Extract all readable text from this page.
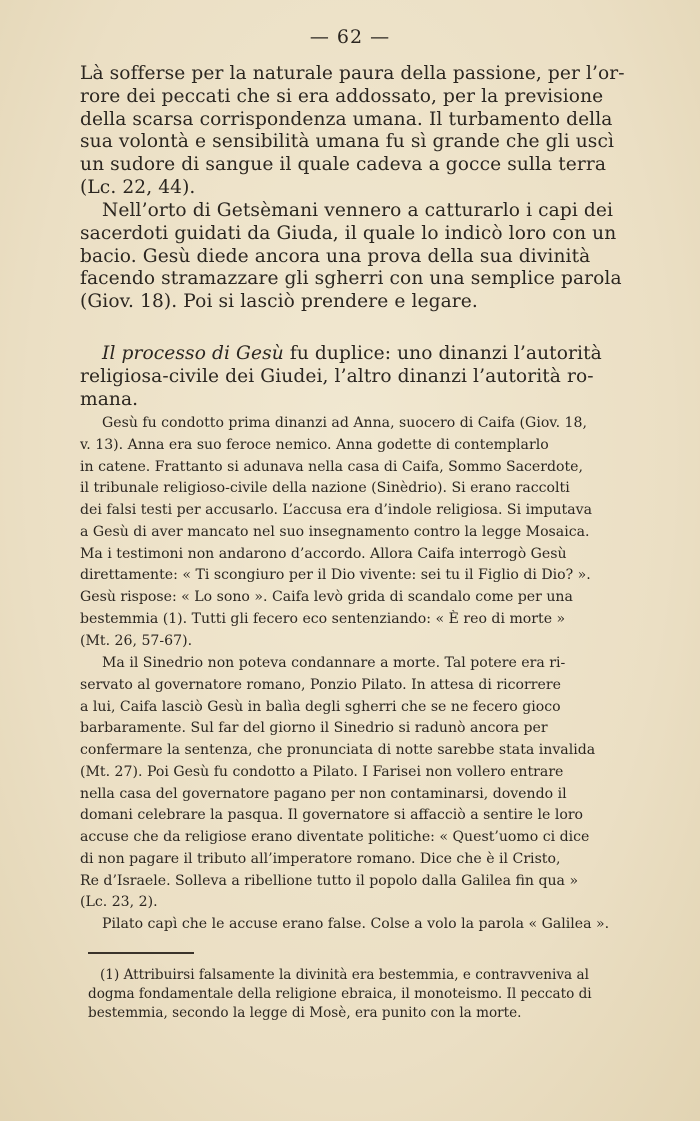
— 62 —
Là sofferse per la naturale paura della passione, per l’or-
rore dei peccati che si era addossato, per la previsione
della scarsa corrispondenza umana. Il turbamento della
sua volontà e sensibilità umana fu sì grande che gli uscì
un sudore di sangue il quale cadeva a gocce sulla terra
(Lc. 22, 44).
Nell’orto di Getsèmani vennero a catturarlo i capi dei
sacerdoti guidati da Giuda, il quale lo indicò loro con un
bacio. Gesù diede ancora una prova della sua divinità
facendo stramazzare gli sgherri con una semplice parola
(Giov. 18). Poi si lasciò prendere e legare.
Il processo di Gesù fu duplice: uno dinanzi l’autorità
religiosa-civile dei Giudei, l’altro dinanzi l’autorità ro-
mana.
Gesù fu condotto prima dinanzi ad Anna, suocero di Caifa (Giov. 18,
v. 13). Anna era suo feroce nemico. Anna godette di contemplarlo
in catene. Frattanto si adunava nella casa di Caifa, Sommo Sacerdote,
il tribunale religioso-civile della nazione (Sinèdrio). Si erano raccolti
dei falsi testi per accusarlo. L’accusa era d’indole religiosa. Si imputava
a Gesù di aver mancato nel suo insegnamento contro la legge Mosaica.
Ma i testimoni non andarono d’accordo. Allora Caifa interrogò Gesù
direttamente: « Ti scongiuro per il Dio vivente: sei tu il Figlio di Dio? ».
Gesù rispose: « Lo sono ». Caifa levò grida di scandalo come per una
bestemmia (1). Tutti gli fecero eco sentenziando: « È reo di morte »
(Mt. 26, 57-67).
Ma il Sinedrio non poteva condannare a morte. Tal potere era ri-
servato al governatore romano, Ponzio Pilato. In attesa di ricorrere
a lui, Caifa lasciò Gesù in balìa degli sgherri che se ne fecero gioco
barbaramente. Sul far del giorno il Sinedrio si radunò ancora per
confermare la sentenza, che pronunciata di notte sarebbe stata invalida
(Mt. 27). Poi Gesù fu condotto a Pilato. I Farisei non vollero entrare
nella casa del governatore pagano per non contaminarsi, dovendo il
domani celebrare la pasqua. Il governatore si affacciò a sentire le loro
accuse che da religiose erano diventate politiche: « Quest’uomo ci dice
di non pagare il tributo all’imperatore romano. Dice che è il Cristo,
Re d’Israele. Solleva a ribellione tutto il popolo dalla Galilea fin qua »
(Lc. 23, 2).
Pilato capì che le accuse erano false. Colse a volo la parola « Galilea ».
(1) Attribuirsi falsamente la divinità era bestemmia, e contravveniva al
dogma fondamentale della religione ebraica, il monoteismo. Il peccato di
bestemmia, secondo la legge di Mosè, era punito con la morte.
